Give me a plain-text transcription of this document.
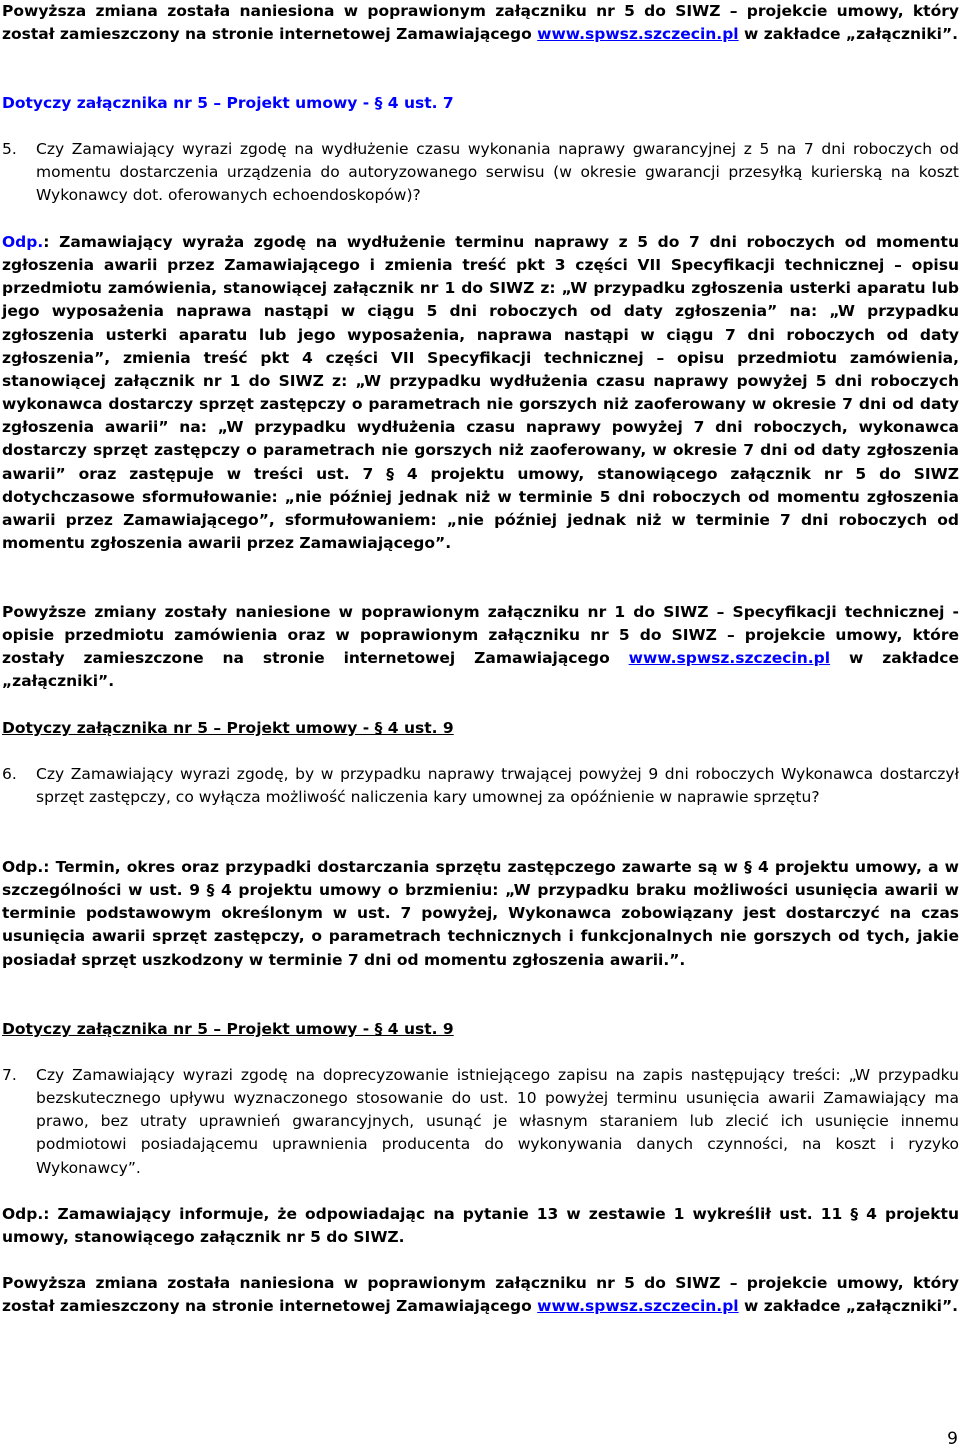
Powyższa zmiana została naniesiona w poprawionym załączniku nr 5 do SIWZ – projekcie umowy, który został zamieszczony na stronie internetowej Zamawiającego www.spwsz.szczecin.pl w zakładce „załączniki”.

Dotyczy załącznika nr 5 – Projekt umowy - § 4 ust. 7

5. Czy Zamawiający wyrazi zgodę na wydłużenie czasu wykonania naprawy gwarancyjnej z 5 na 7 dni roboczych od momentu dostarczenia urządzenia do autoryzowanego serwisu (w okresie gwarancji przesyłką kurierską na koszt Wykonawcy dot. oferowanych echoendoskopów)?

Odp.: Zamawiający wyraża zgodę na wydłużenie terminu naprawy z 5 do 7 dni roboczych od momentu zgłoszenia awarii przez Zamawiającego i zmienia treść pkt 3 części VII Specyfikacji technicznej – opisu przedmiotu zamówienia, stanowiącej załącznik nr 1 do SIWZ z: „W przypadku zgłoszenia usterki aparatu lub jego wyposażenia naprawa nastąpi w ciągu 5 dni roboczych od daty zgłoszenia” na: „W przypadku zgłoszenia usterki aparatu lub jego wyposażenia, naprawa nastąpi w ciągu 7 dni roboczych od daty zgłoszenia”, zmienia treść pkt 4 części VII Specyfikacji technicznej – opisu przedmiotu zamówienia, stanowiącej załącznik nr 1 do SIWZ z: „W przypadku wydłużenia czasu naprawy powyżej 5 dni roboczych wykonawca dostarczy sprzęt zastępczy o parametrach nie gorszych niż zaoferowany w okresie 7 dni od daty zgłoszenia awarii” na: „W przypadku wydłużenia czasu naprawy powyżej 7 dni roboczych, wykonawca dostarczy sprzęt zastępczy o parametrach nie gorszych niż zaoferowany, w okresie 7 dni od daty zgłoszenia awarii” oraz zastępuje w treści ust. 7 § 4 projektu umowy, stanowiącego załącznik nr 5 do SIWZ dotychczasowe sformułowanie: „nie później jednak niż w terminie 5 dni roboczych od momentu zgłoszenia awarii przez Zamawiającego”, sformułowaniem: „nie później jednak niż w terminie 7 dni roboczych od momentu zgłoszenia awarii przez Zamawiającego”.

Powyższe zmiany zostały naniesione w poprawionym załączniku nr 1 do SIWZ – Specyfikacji technicznej - opisie przedmiotu zamówienia oraz w poprawionym załączniku nr 5 do SIWZ – projekcie umowy, które zostały zamieszczone na stronie internetowej Zamawiającego www.spwsz.szczecin.pl w zakładce „załączniki”.

Dotyczy załącznika nr 5 – Projekt umowy - § 4 ust. 9

6. Czy Zamawiający wyrazi zgodę, by w przypadku naprawy trwającej powyżej 9 dni roboczych Wykonawca dostarczył sprzęt zastępczy, co wyłącza możliwość naliczenia kary umownej za opóźnienie w naprawie sprzętu?

Odp.: Termin, okres oraz przypadki dostarczania sprzętu zastępczego zawarte są w § 4 projektu umowy, a w szczególności w ust. 9 § 4 projektu umowy o brzmieniu: „W przypadku braku możliwości usunięcia awarii w terminie podstawowym określonym w ust. 7 powyżej, Wykonawca zobowiązany jest dostarczyć na czas usunięcia awarii sprzęt zastępczy, o parametrach technicznych i funkcjonalnych nie gorszych od tych, jakie posiadał sprzęt uszkodzony w terminie 7 dni od momentu zgłoszenia awarii.”.

Dotyczy załącznika nr 5 – Projekt umowy - § 4 ust. 9

7. Czy Zamawiający wyrazi zgodę na doprecyzowanie istniejącego zapisu na zapis następujący treści: „W przypadku bezskutecznego upływu wyznaczonego stosowanie do ust. 10 powyżej terminu usunięcia awarii Zamawiający ma prawo, bez utraty uprawnień gwarancyjnych, usunąć je własnym staraniem lub zlecić ich usunięcie innemu podmiotowi posiadającemu uprawnienia producenta do wykonywania danych czynności, na koszt i ryzyko Wykonawcy”.

Odp.: Zamawiający informuje, że odpowiadając na pytanie 13 w zestawie 1 wykreślił ust. 11 § 4 projektu umowy, stanowiącego załącznik nr 5 do SIWZ.

Powyższa zmiana została naniesiona w poprawionym załączniku nr 5 do SIWZ – projekcie umowy, który został zamieszczony na stronie internetowej Zamawiającego www.spwsz.szczecin.pl w zakładce „załączniki”.

9
